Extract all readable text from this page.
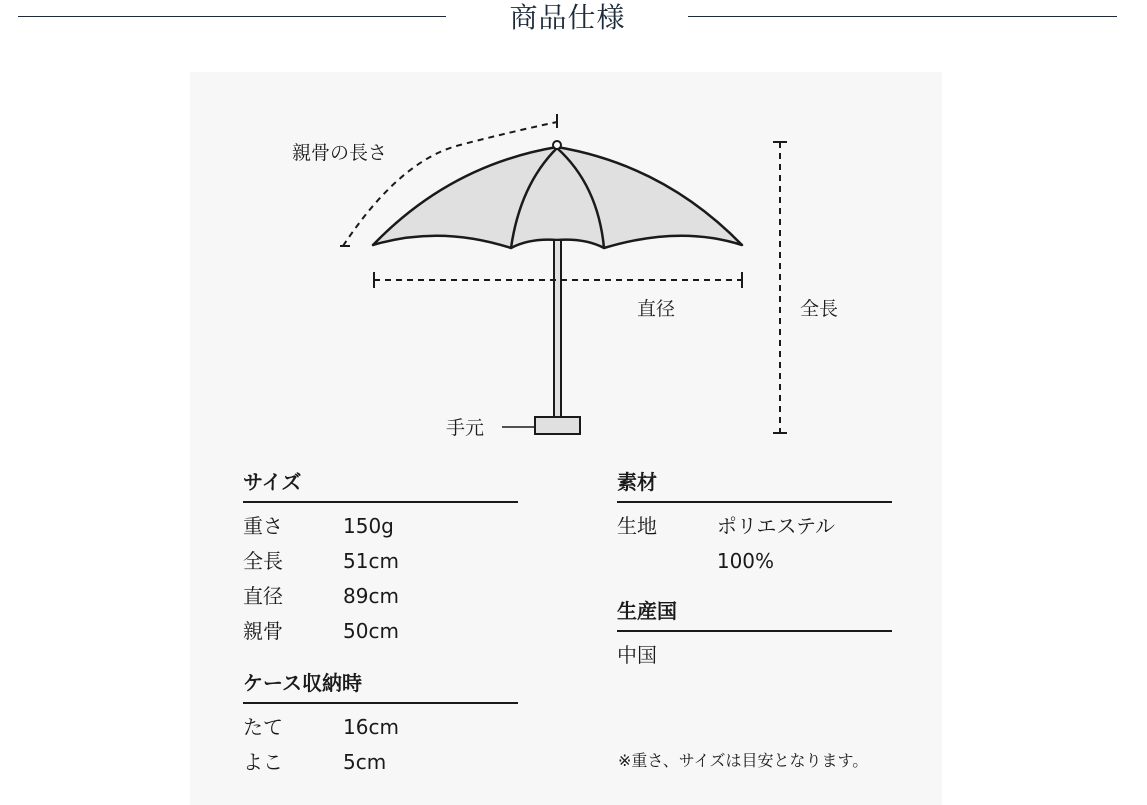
商品仕様
親骨の長さ
手元
直径	全長
サイズ
重さ	150g
全長	51cm
直径	89cm
親骨	50cm
ケース収納時
たて	16cm
よこ	5cm
素材
生地	ポリエステル100%
生産国
中国
※重さ、サイズは目安となります。
